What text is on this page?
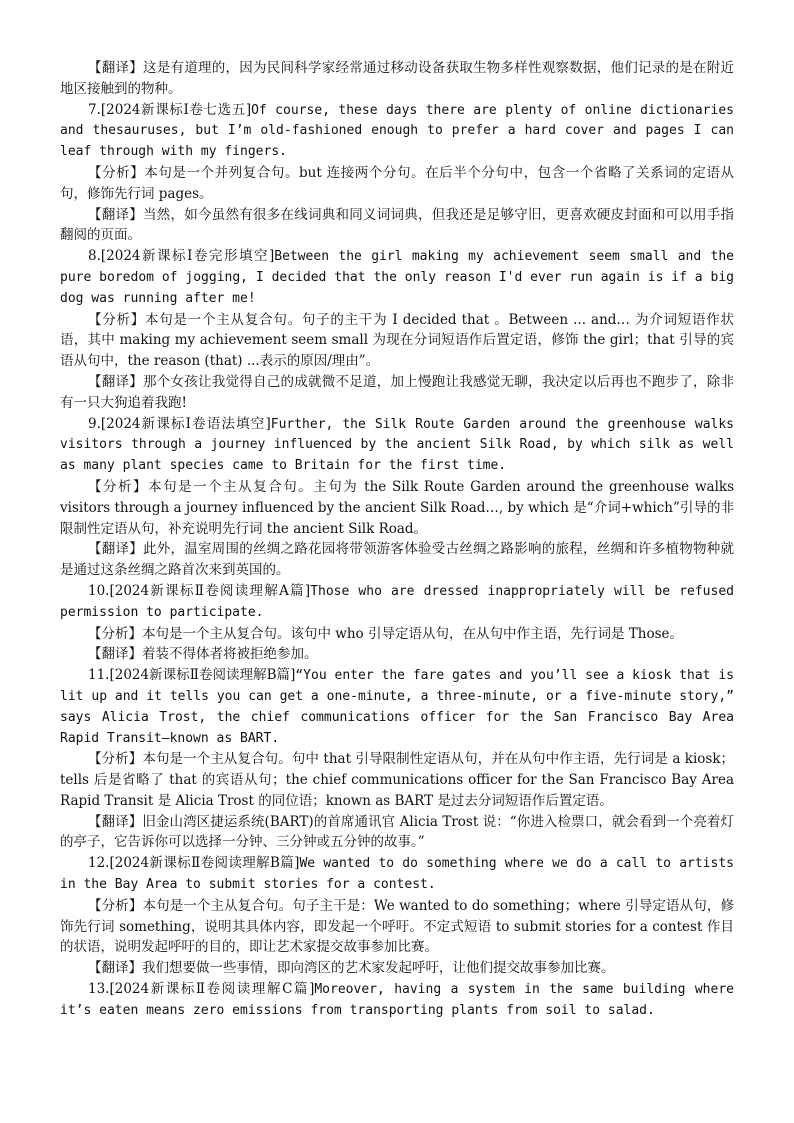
【翻译】这是有道理的，因为民间科学家经常通过移动设备获取生物多样性观察数据，他们记录的是在附近地区接触到的物种。

7.[2024新课标Ⅰ卷七选五]Of course, these days there are plenty of online dictionaries and thesauruses, but I’m old-fashioned enough to prefer a hard cover and pages I can leaf through with my fingers.

【分析】本句是一个并列复合句。but 连接两个分句。在后半个分句中，包含一个省略了关系词的定语从句，修饰先行词 pages。

【翻译】当然，如今虽然有很多在线词典和同义词词典，但我还是足够守旧，更喜欢硬皮封面和可以用手指翻阅的页面。

8.[2024新课标Ⅰ卷完形填空]Between the girl making my achievement seem small and the pure boredom of jogging, I decided that the only reason I'd ever run again is if a big dog was running after me!

【分析】本句是一个主从复合句。句子的主干为 I decided that 。Between ... and… 为介词短语作状语，其中 making my achievement seem small 为现在分词短语作后置定语，修饰 the girl；that 引导的宾语从句中，the reason (that) ...表示的原因/理由”。

【翻译】那个女孩让我觉得自己的成就微不足道，加上慢跑让我感觉无聊，我决定以后再也不跑步了，除非有一只大狗追着我跑!

9.[2024新课标Ⅰ卷语法填空]Further, the Silk Route Garden around the greenhouse walks visitors through a journey influenced by the ancient Silk Road, by which silk as well as many plant species came to Britain for the first time.

【分析】本句是一个主从复合句。主句为 the Silk Route Garden around the greenhouse walks visitors through a journey influenced by the ancient Silk Road…, by which 是“介词+which”引导的非限制性定语从句，补充说明先行词 the ancient Silk Road。

【翻译】此外，温室周围的丝绸之路花园将带领游客体验受古丝绸之路影响的旅程，丝绸和许多植物物种就是通过这条丝绸之路首次来到英国的。

10.[2024新课标Ⅱ卷阅读理解A篇]Those who are dressed inappropriately will be refused permission to participate.

【分析】本句是一个主从复合句。该句中 who 引导定语从句，在从句中作主语，先行词是 Those。

【翻译】着装不得体者将被拒绝参加。

11.[2024新课标Ⅱ卷阅读理解B篇]“You enter the fare gates and you’ll see a kiosk that is lit up and it tells you can get a one-minute, a three-minute, or a five-minute story,” says Alicia Trost, the chief communications officer for the San Francisco Bay Area Rapid Transit—known as BART.

【分析】本句是一个主从复合句。句中 that 引导限制性定语从句，并在从句中作主语，先行词是 a kiosk；tells 后是省略了 that 的宾语从句；the chief communications officer for the San Francisco Bay Area Rapid Transit 是 Alicia Trost 的同位语；known as BART 是过去分词短语作后置定语。

【翻译】旧金山湾区捷运系统(BART)的首席通讯官 Alicia Trost 说：“你进入检票口，就会看到一个亮着灯的亭子，它告诉你可以选择一分钟、三分钟或五分钟的故事。”

12.[2024新课标Ⅱ卷阅读理解B篇]We wanted to do something where we do a call to artists in the Bay Area to submit stories for a contest.

【分析】本句是一个主从复合句。句子主干是：We wanted to do something；where 引导定语从句，修饰先行词 something，说明其具体内容，即发起一个呼吁。不定式短语 to submit stories for a contest 作目的状语，说明发起呼吁的目的，即让艺术家提交故事参加比赛。

【翻译】我们想要做一些事情，即向湾区的艺术家发起呼吁，让他们提交故事参加比赛。

13.[2024新课标Ⅱ卷阅读理解C篇]Moreover, having a system in the same building where it’s eaten means zero emissions from transporting plants from soil to salad.
